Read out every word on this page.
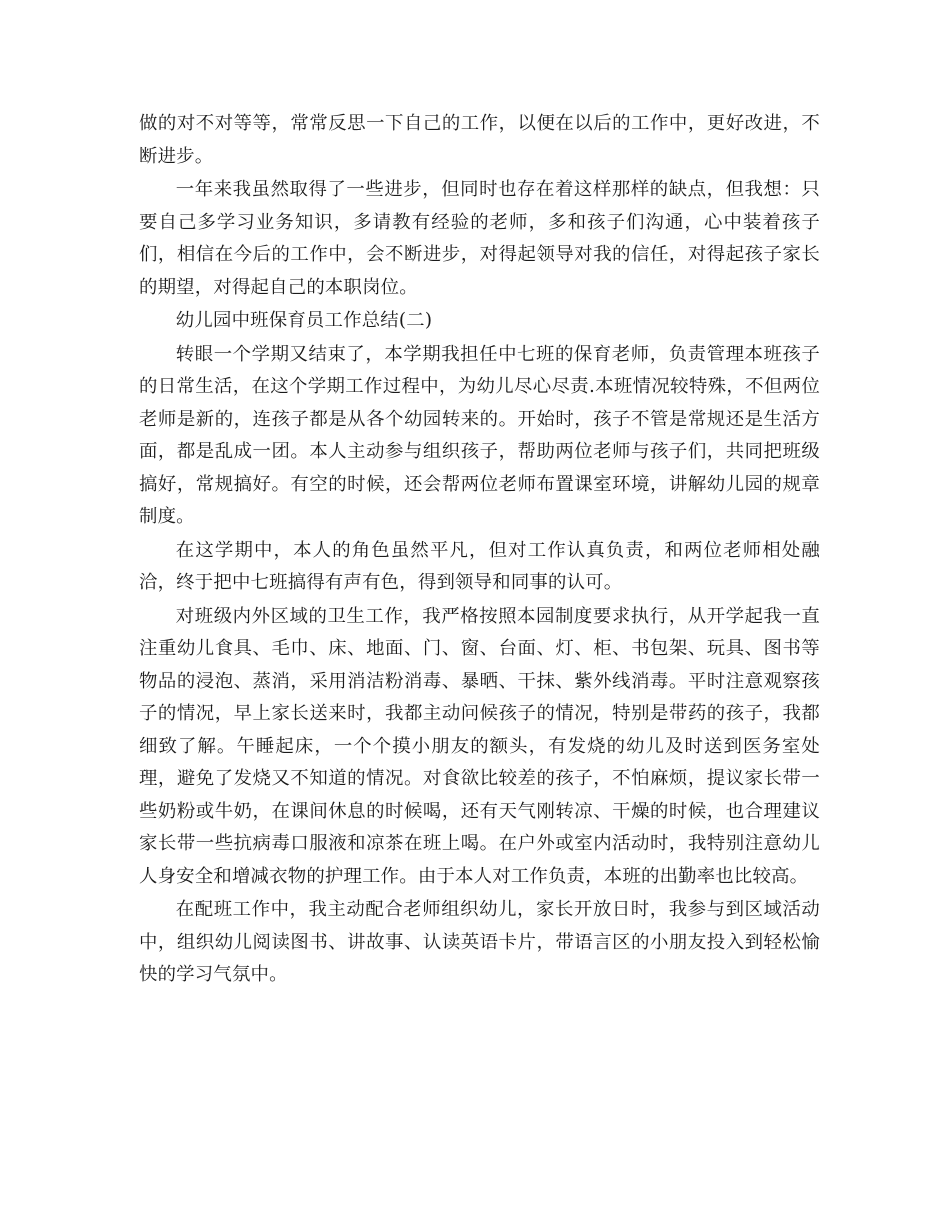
做的对不对等等，常常反思一下自己的工作，以便在以后的工作中，更好改进，不断进步。

一年来我虽然取得了一些进步，但同时也存在着这样那样的缺点，但我想：只要自己多学习业务知识，多请教有经验的老师，多和孩子们沟通，心中装着孩子们，相信在今后的工作中，会不断进步，对得起领导对我的信任，对得起孩子家长的期望，对得起自己的本职岗位。

幼儿园中班保育员工作总结(二)

转眼一个学期又结束了，本学期我担任中七班的保育老师，负责管理本班孩子的日常生活，在这个学期工作过程中，为幼儿尽心尽责.本班情况较特殊，不但两位老师是新的，连孩子都是从各个幼园转来的。开始时，孩子不管是常规还是生活方面，都是乱成一团。本人主动参与组织孩子，帮助两位老师与孩子们，共同把班级搞好，常规搞好。有空的时候，还会帮两位老师布置课室环境，讲解幼儿园的规章制度。

在这学期中，本人的角色虽然平凡，但对工作认真负责，和两位老师相处融洽，终于把中七班搞得有声有色，得到领导和同事的认可。

对班级内外区域的卫生工作，我严格按照本园制度要求执行，从开学起我一直注重幼儿食具、毛巾、床、地面、门、窗、台面、灯、柜、书包架、玩具、图书等物品的浸泡、蒸消，采用消洁粉消毒、暴晒、干抹、紫外线消毒。平时注意观察孩子的情况，早上家长送来时，我都主动问候孩子的情况，特别是带药的孩子，我都细致了解。午睡起床，一个个摸小朋友的额头，有发烧的幼儿及时送到医务室处理，避免了发烧又不知道的情况。对食欲比较差的孩子，不怕麻烦，提议家长带一些奶粉或牛奶，在课间休息的时候喝，还有天气刚转凉、干燥的时候，也合理建议家长带一些抗病毒口服液和凉茶在班上喝。在户外或室内活动时，我特别注意幼儿人身安全和增减衣物的护理工作。由于本人对工作负责，本班的出勤率也比较高。

在配班工作中，我主动配合老师组织幼儿，家长开放日时，我参与到区域活动中，组织幼儿阅读图书、讲故事、认读英语卡片，带语言区的小朋友投入到轻松愉快的学习气氛中。
